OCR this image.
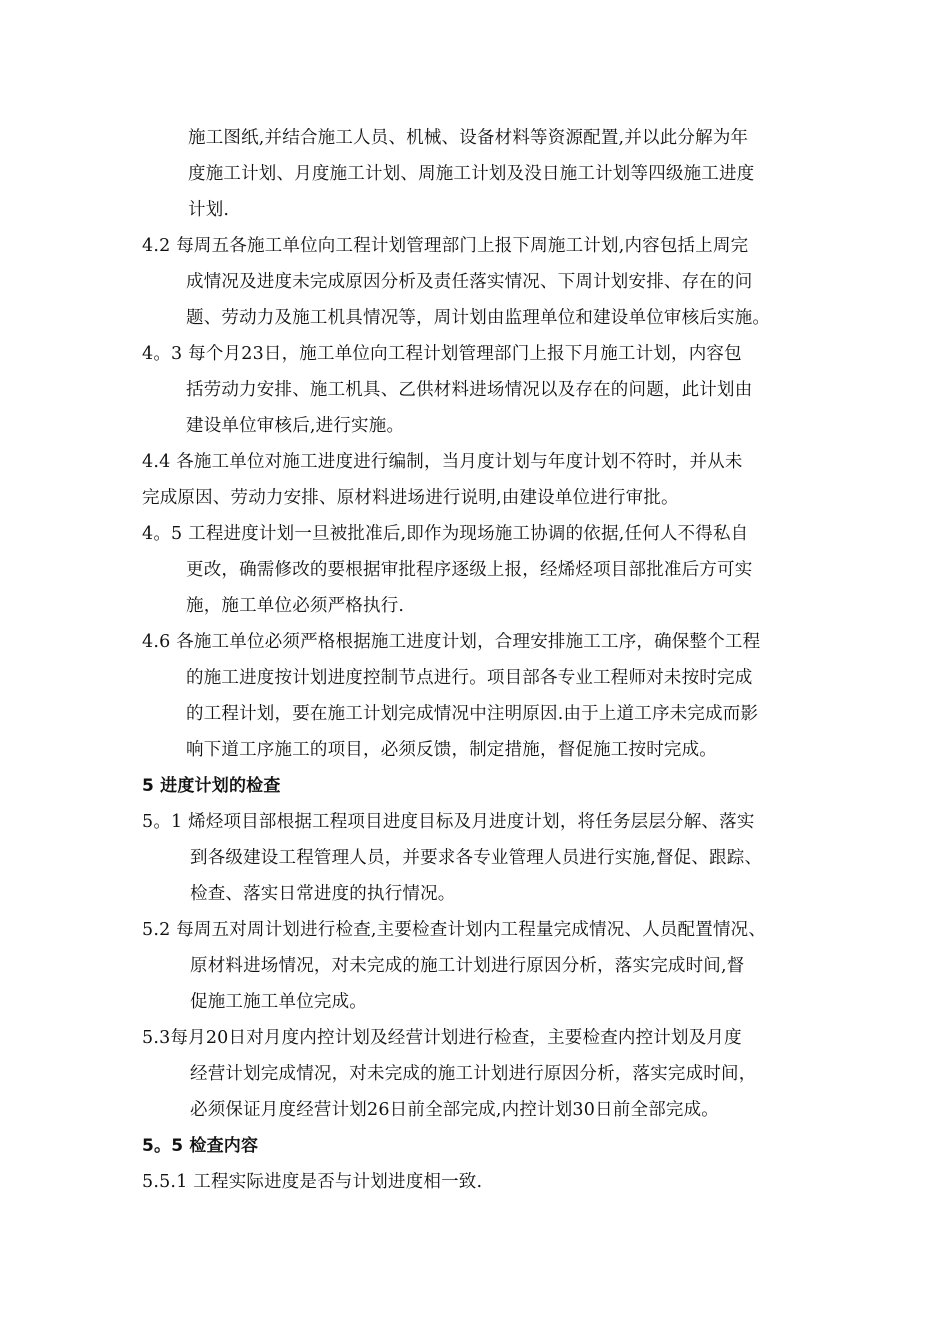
施工图纸,并结合施工人员、机械、设备材料等资源配置,并以此分解为年
度施工计划、月度施工计划、周施工计划及没日施工计划等四级施工进度
计划.
4.2 每周五各施工单位向工程计划管理部门上报下周施工计划,内容包括上周完
成情况及进度未完成原因分析及责任落实情况、下周计划安排、存在的问
题、劳动力及施工机具情况等，周计划由监理单位和建设单位审核后实施。
4。3 每个月23日，施工单位向工程计划管理部门上报下月施工计划，内容包
括劳动力安排、施工机具、乙供材料进场情况以及存在的问题，此计划由
建设单位审核后,进行实施。
4.4 各施工单位对施工进度进行编制，当月度计划与年度计划不符时，并从未
完成原因、劳动力安排、原材料进场进行说明,由建设单位进行审批。
4。5 工程进度计划一旦被批准后,即作为现场施工协调的依据,任何人不得私自
更改，确需修改的要根据审批程序逐级上报，经烯烃项目部批准后方可实
施，施工单位必须严格执行.
4.6 各施工单位必须严格根据施工进度计划，合理安排施工工序，确保整个工程
的施工进度按计划进度控制节点进行。项目部各专业工程师对未按时完成
的工程计划，要在施工计划完成情况中注明原因.由于上道工序未完成而影
响下道工序施工的项目，必须反馈，制定措施，督促施工按时完成。
5 进度计划的检查
5。1 烯烃项目部根据工程项目进度目标及月进度计划，将任务层层分解、落实
到各级建设工程管理人员，并要求各专业管理人员进行实施,督促、跟踪、
检查、落实日常进度的执行情况。
5.2 每周五对周计划进行检查,主要检查计划内工程量完成情况、人员配置情况、
原材料进场情况，对未完成的施工计划进行原因分析，落实完成时间,督
促施工施工单位完成。
5.3每月20日对月度内控计划及经营计划进行检查，主要检查内控计划及月度
经营计划完成情况，对未完成的施工计划进行原因分析，落实完成时间，
必须保证月度经营计划26日前全部完成,内控计划30日前全部完成。
5。5 检查内容
5.5.1 工程实际进度是否与计划进度相一致.
